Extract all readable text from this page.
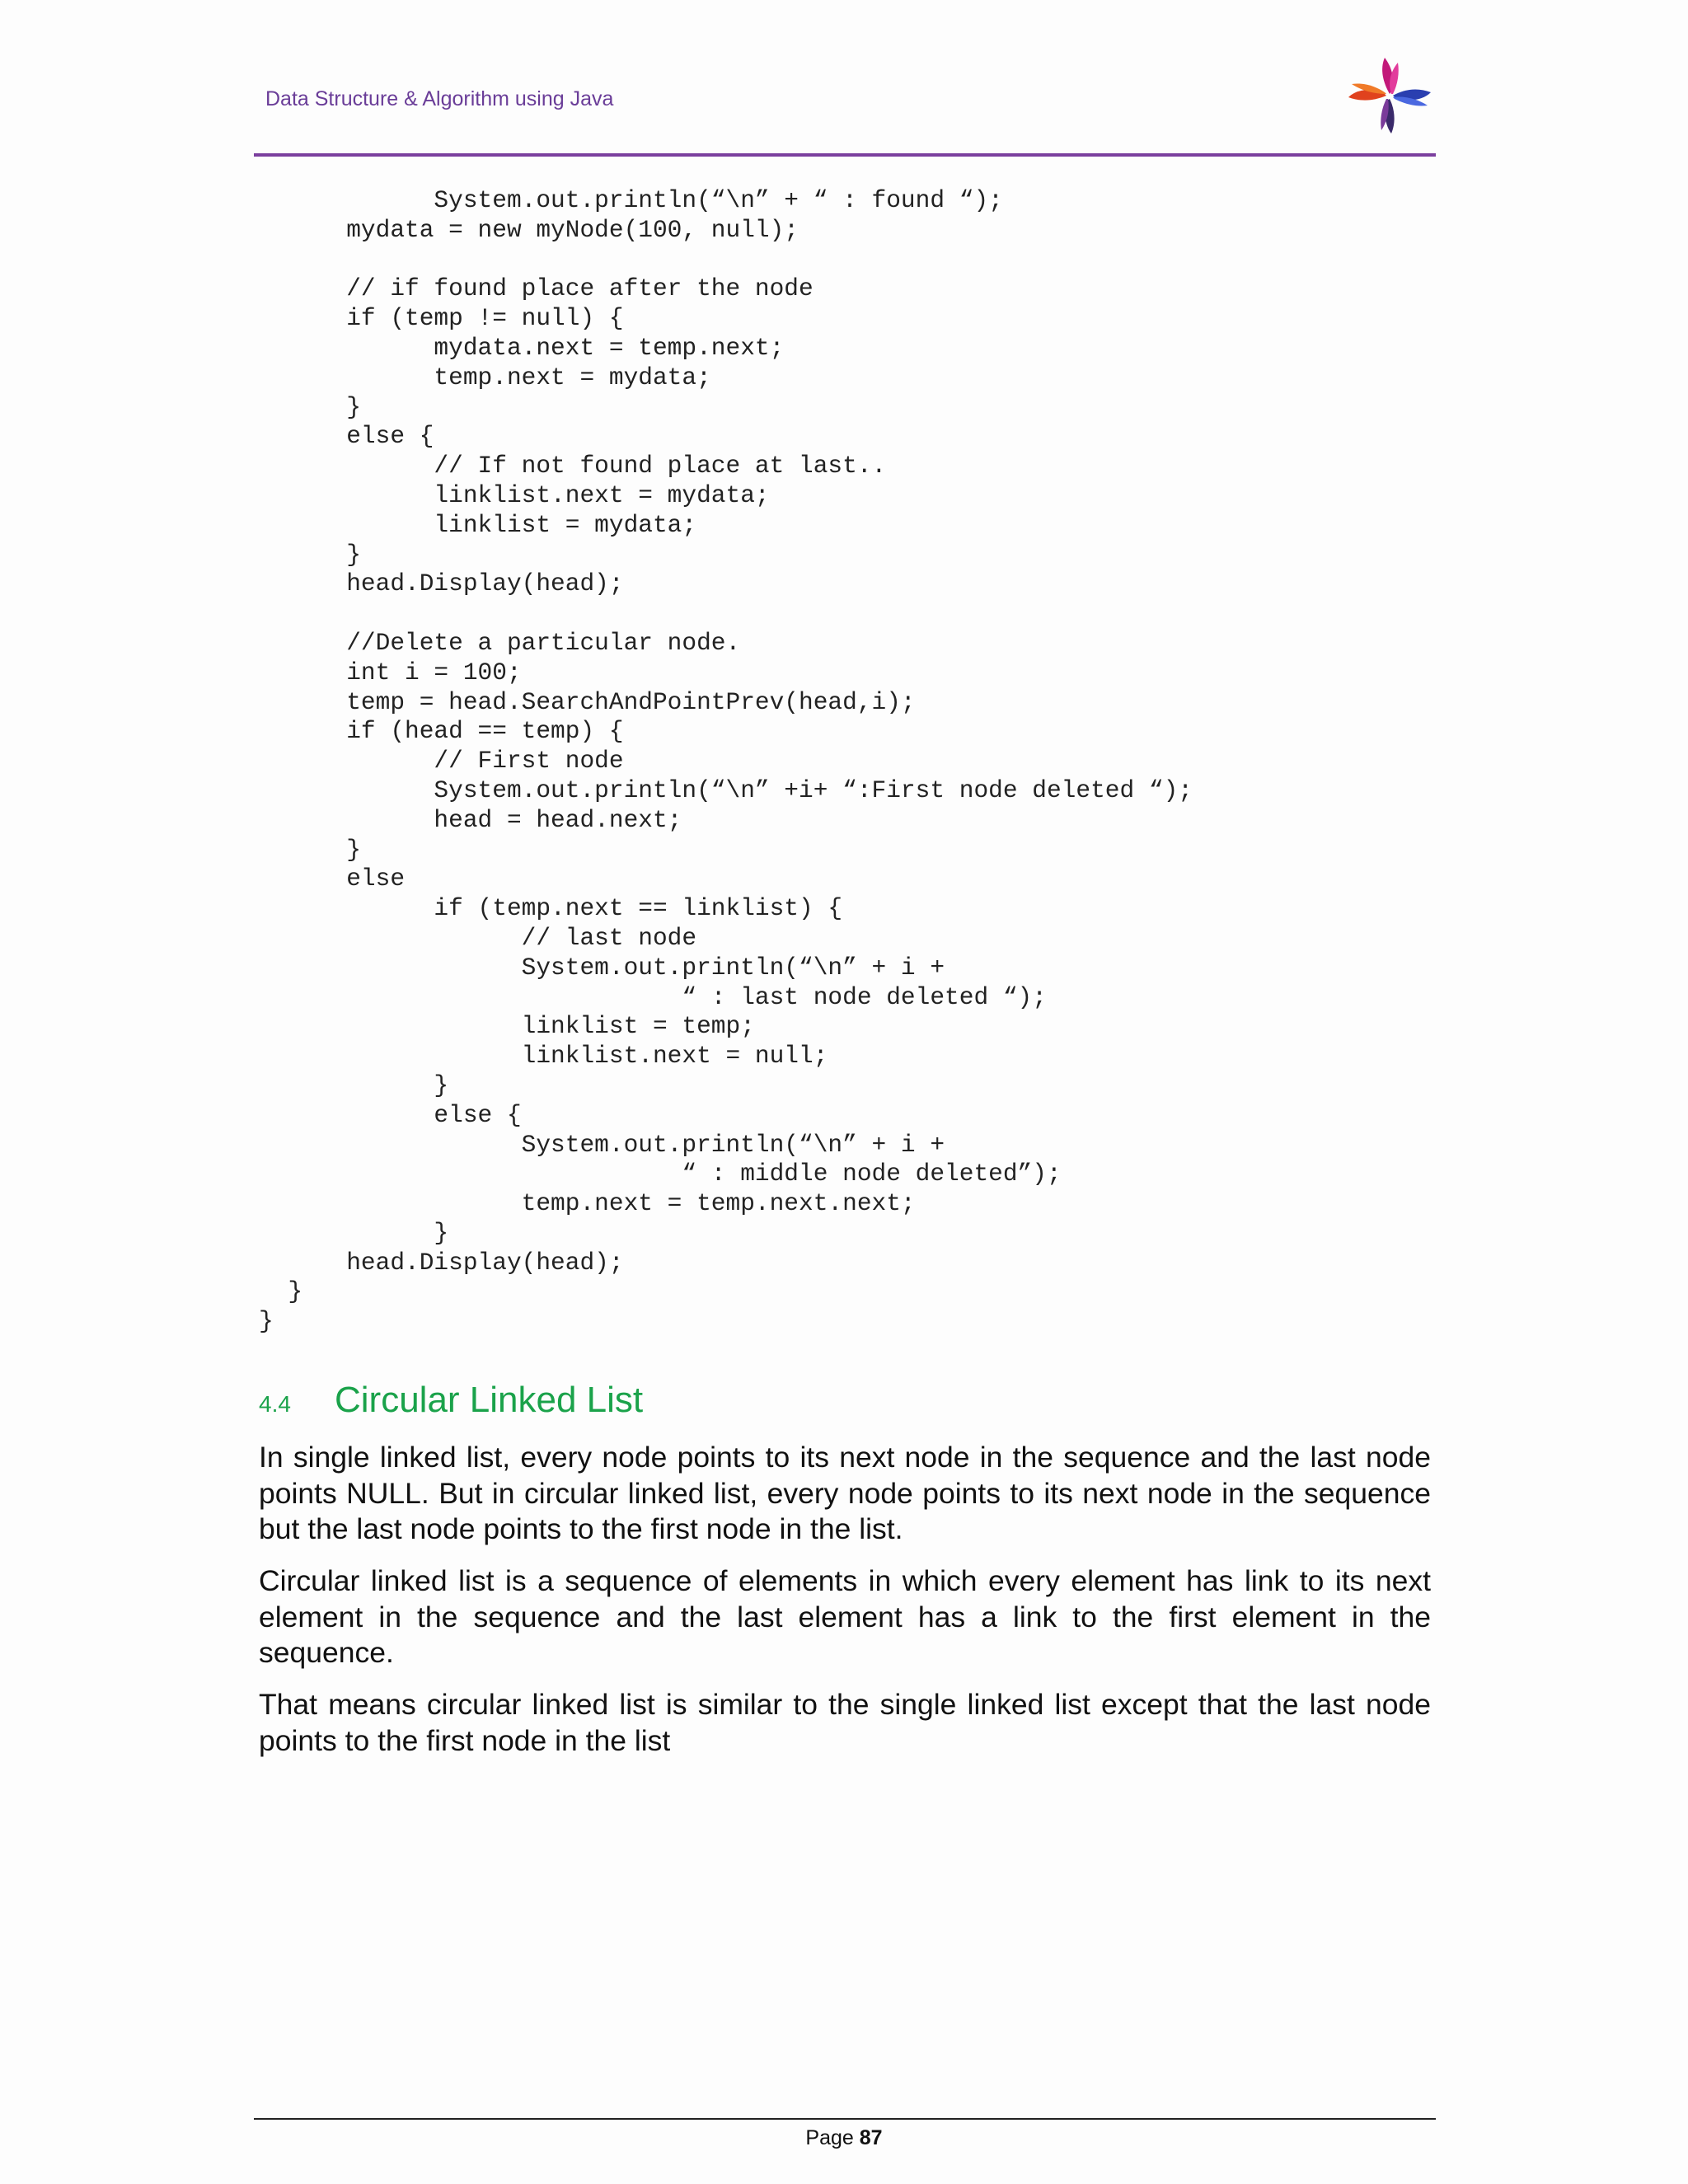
Data Structure & Algorithm using Java
System.out.println(“\n” + “ : found “);
mydata = new myNode(100, null);

// if found place after the node
if (temp != null) {
mydata.next = temp.next;
temp.next = mydata;
}
else {
// If not found place at last..
linklist.next = mydata;
linklist = mydata;
}
head.Display(head);

//Delete a particular node.
int i = 100;
temp = head.SearchAndPointPrev(head,i);
if (head == temp) {
// First node
System.out.println(“\n” +i+ “:First node deleted “);
head = head.next;
}
else
if (temp.next == linklist) {
// last node
System.out.println(“\n” + i +
“ : last node deleted “);
linklist = temp;
linklist.next = null;
}
else {
System.out.println(“\n” + i +
“ : middle node deleted”);
temp.next = temp.next.next;
}
head.Display(head);
}
}

4.4	Circular Linked List

In single linked list, every node points to its next node in the sequence and the last node points NULL. But in circular linked list, every node points to its next node in the sequence but the last node points to the first node in the list.

Circular linked list is a sequence of elements in which every element has link to its next element in the sequence and the last element has a link to the first element in the sequence.

That means circular linked list is similar to the single linked list except that the last node points to the first node in the list

Page 87
